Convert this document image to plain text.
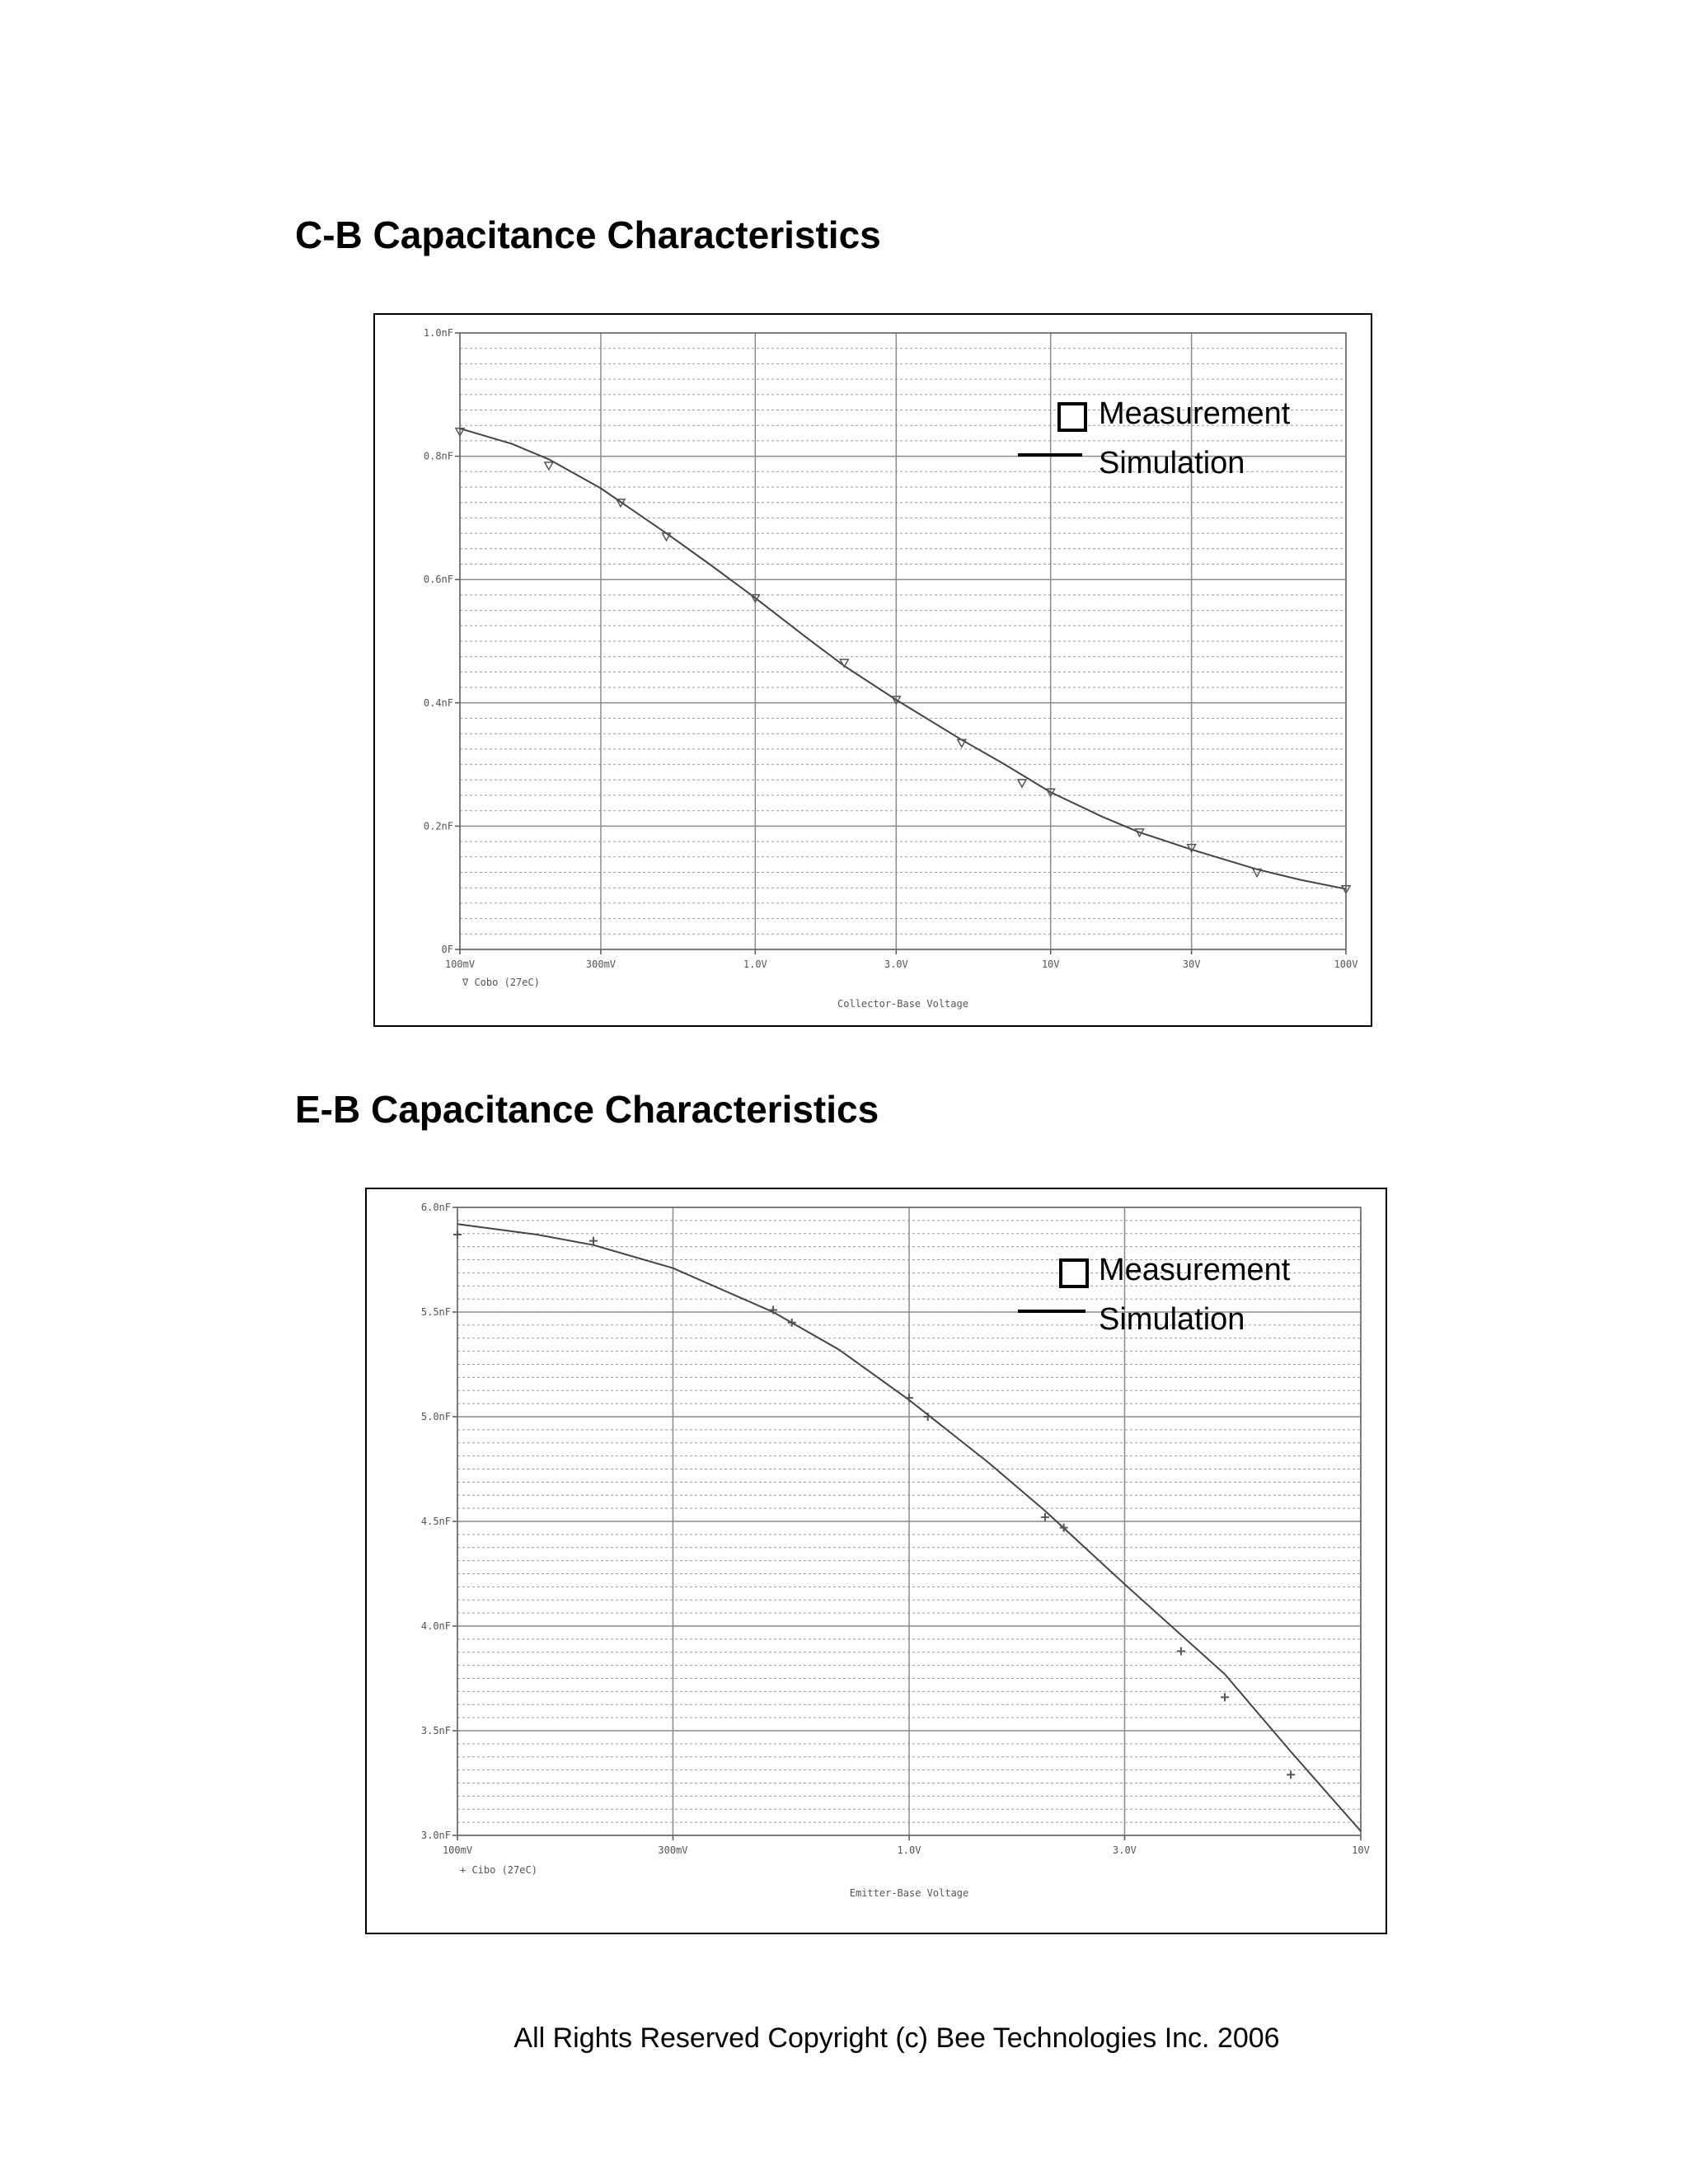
C-B Capacitance Characteristics
0F
0.2nF
0.4nF
0.6nF
0.8nF
1.0nF
100mV	300mV	1.0V	3.0V	10V	30V	100V
∇ Cobo (27eC)
Collector-Base Voltage
Measurement
Simulation
E-B Capacitance Characteristics
3.0nF
3.5nF
4.0nF
4.5nF
5.0nF
5.5nF
6.0nF
100mV	300mV	1.0V	3.0V	10V
+ Cibo (27eC)
Emitter-Base Voltage
Measurement
Simulation

All Rights Reserved Copyright (c) Bee Technologies Inc. 2006
